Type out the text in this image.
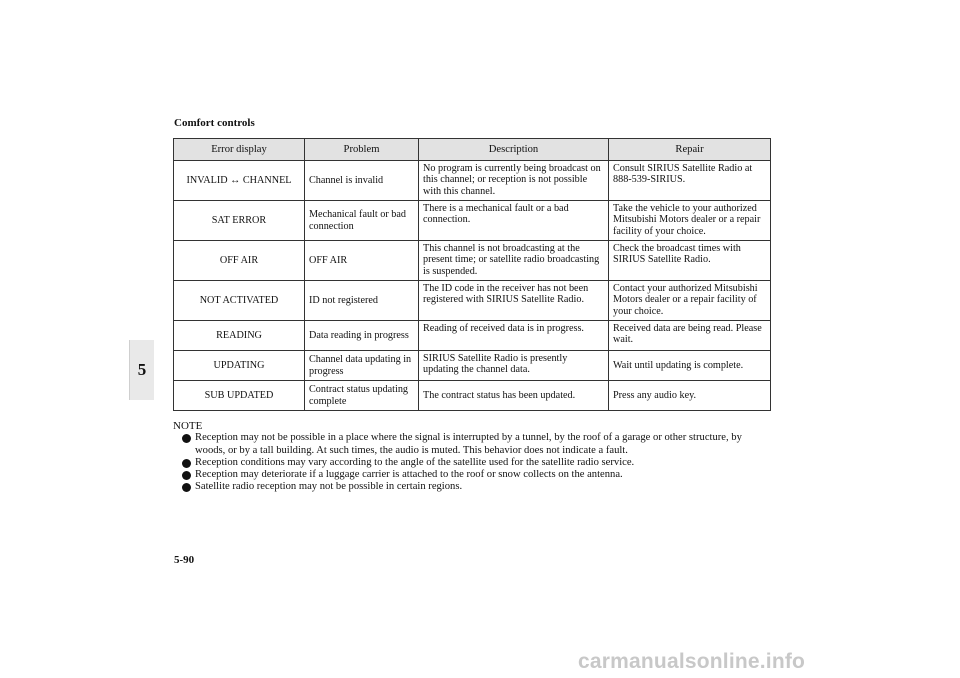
Comfort controls
5
Error display	Problem	Description	Repair
INVALID ↔ CHANNEL	Channel is invalid	No program is currently being broadcast on this channel; or reception is not possible with this channel.	Consult SIRIUS Satellite Radio at 888-539-SIRIUS.
SAT ERROR	Mechanical fault or bad connection	There is a mechanical fault or a bad connection.	Take the vehicle to your authorized Mitsubishi Motors dealer or a repair facility of your choice.
OFF AIR	OFF AIR	This channel is not broadcasting at the present time; or satellite radio broadcasting is suspended.	Check the broadcast times with SIRIUS Satellite Radio.
NOT ACTIVATED	ID not registered	The ID code in the receiver has not been registered with SIRIUS Satellite Radio.	Contact your authorized Mitsubishi Motors dealer or a repair facility of your choice.
READING	Data reading in progress	Reading of received data is in progress.	Received data are being read. Please wait.
UPDATING	Channel data updating in progress	SIRIUS Satellite Radio is presently updating the channel data.	Wait until updating is complete.
SUB UPDATED	Contract status updating complete	The contract status has been updated.	Press any audio key.
NOTE
Reception may not be possible in a place where the signal is interrupted by a tunnel, by the roof of a garage or other structure, by woods, or by a tall building. At such times, the audio is muted. This behavior does not indicate a fault.
Reception conditions may vary according to the angle of the satellite used for the satellite radio service.
Reception may deteriorate if a luggage carrier is attached to the roof or snow collects on the antenna.
Satellite radio reception may not be possible in certain regions.
5-90
carmanualsonline.info
